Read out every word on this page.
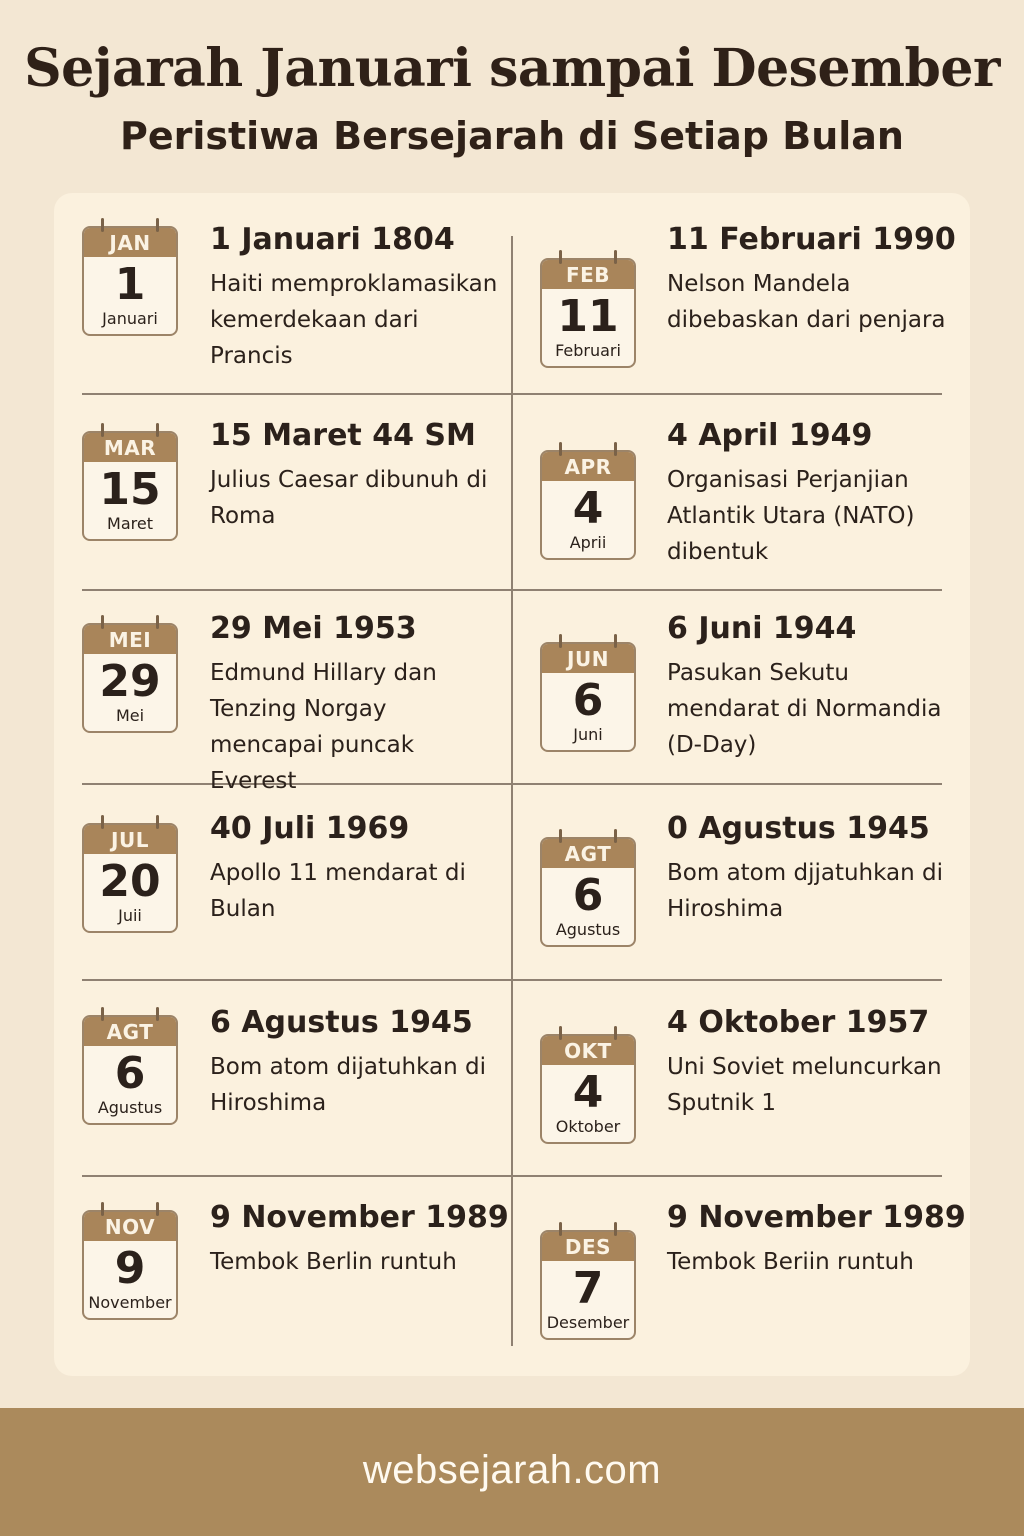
Sejarah Januari sampai Desember
Peristiwa Bersejarah di Setiap Bulan
JAN
1
Januari
1 Januari 1804
Haiti memproklamasikan kemerdekaan dari Prancis
FEB
11
Februari
11 Februari 1990
Nelson Mandela dibebaskan dari penjara
MAR
15
Maret
15 Maret 44 SM
Julius Caesar dibunuh di Roma
APR
4
Aprii
4 April 1949
Organisasi Perjanjian Atlantik Utara (NATO) dibentuk
MEI
29
Mei
29 Mei 1953
Edmund Hillary dan Tenzing Norgay mencapai puncak Everest
JUN
6
Juni
6 Juni 1944
Pasukan Sekutu mendarat di Normandia (D-Day)
JUL
20
Juii
40 Juli 1969
Apollo 11 mendarat di Bulan
AGT
6
Agustus
0 Agustus 1945
Bom atom djjatuhkan di Hiroshima
AGT
6
Agustus
6 Agustus 1945
Bom atom dijatuhkan di Hiroshima
OKT
4
Oktober
4 Oktober 1957
Uni Soviet meluncurkan Sputnik 1
NOV
9
November
9 November 1989
Tembok Berlin runtuh
DES
7
Desember
9 November 1989
Tembok Beriin runtuh
websejarah.com
